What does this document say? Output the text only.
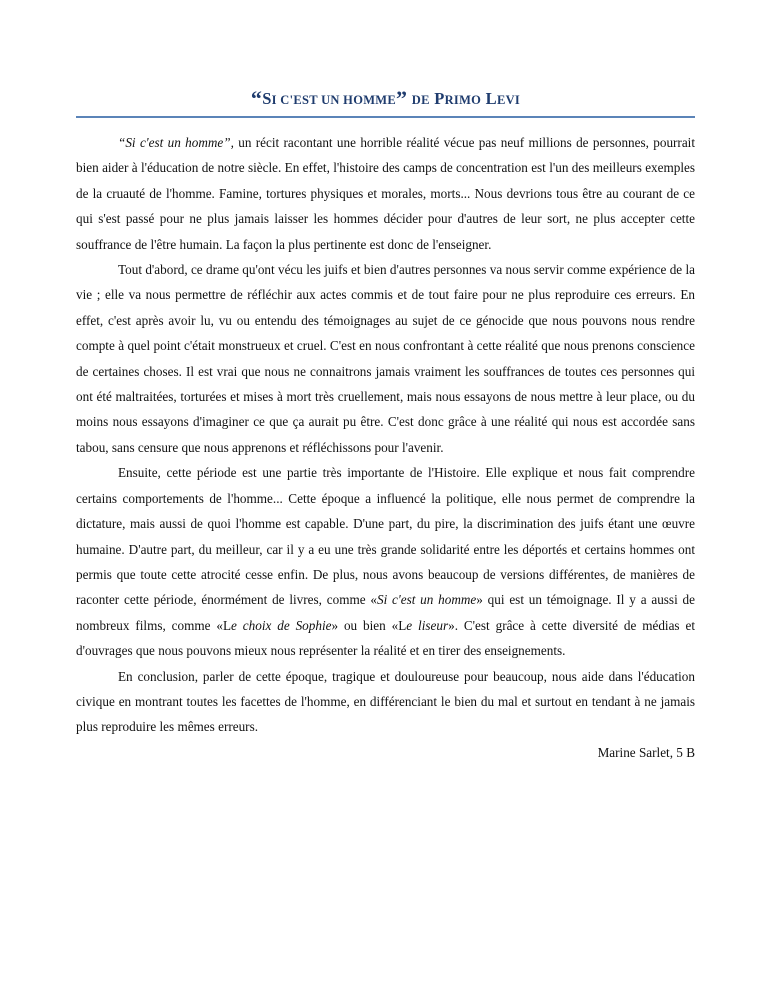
“SI C'EST UN HOMME” DE PRIMO LEVI

“Si c'est un homme”, un récit racontant une horrible réalité vécue pas neuf millions de personnes, pourrait bien aider à l'éducation de notre siècle. En effet, l'histoire des camps de concentration est l'un des meilleurs exemples de la cruauté de l'homme. Famine, tortures physiques et morales, morts... Nous devrions tous être au courant de ce qui s'est passé pour ne plus jamais laisser les hommes décider pour d'autres de leur sort, ne plus accepter cette souffrance de l'être humain. La façon la plus pertinente est donc de l'enseigner.

Tout d'abord, ce drame qu'ont vécu les juifs et bien d'autres personnes va nous servir comme expérience de la vie ; elle va nous permettre de réfléchir aux actes commis et de tout faire pour ne plus reproduire ces erreurs. En effet, c'est après avoir lu, vu ou entendu des témoignages au sujet de ce génocide que nous pouvons nous rendre compte à quel point c'était monstrueux et cruel. C'est en nous confrontant à cette réalité que nous prenons conscience de certaines choses. Il est vrai que nous ne connaitrons jamais vraiment les souffrances de toutes ces personnes qui ont été maltraitées, torturées et mises à mort très cruellement, mais nous essayons de nous mettre à leur place, ou du moins nous essayons d'imaginer ce que ça aurait pu être. C'est donc grâce à une réalité qui nous est accordée sans tabou, sans censure que nous apprenons et réfléchissons pour l'avenir.

Ensuite, cette période est une partie très importante de l'Histoire. Elle explique et nous fait comprendre certains comportements de l'homme... Cette époque a influencé la politique, elle nous permet de comprendre la dictature, mais aussi de quoi l'homme est capable. D'une part, du pire, la discrimination des juifs étant une œuvre humaine. D'autre part, du meilleur, car il y a eu une très grande solidarité entre les déportés et certains hommes ont permis que toute cette atrocité cesse enfin. De plus, nous avons beaucoup de versions différentes, de manières de raconter cette période, énormément de livres, comme «Si c'est un homme» qui est un témoignage. Il y a aussi de nombreux films, comme «Le choix de Sophie» ou bien «Le liseur». C'est grâce à cette diversité de médias et d'ouvrages que nous pouvons mieux nous représenter la réalité et en tirer des enseignements.

En conclusion, parler de cette époque, tragique et douloureuse pour beaucoup, nous aide dans l'éducation civique en montrant toutes les facettes de l'homme, en différenciant le bien du mal et surtout en tendant à ne jamais plus reproduire les mêmes erreurs.

Marine Sarlet, 5 B
